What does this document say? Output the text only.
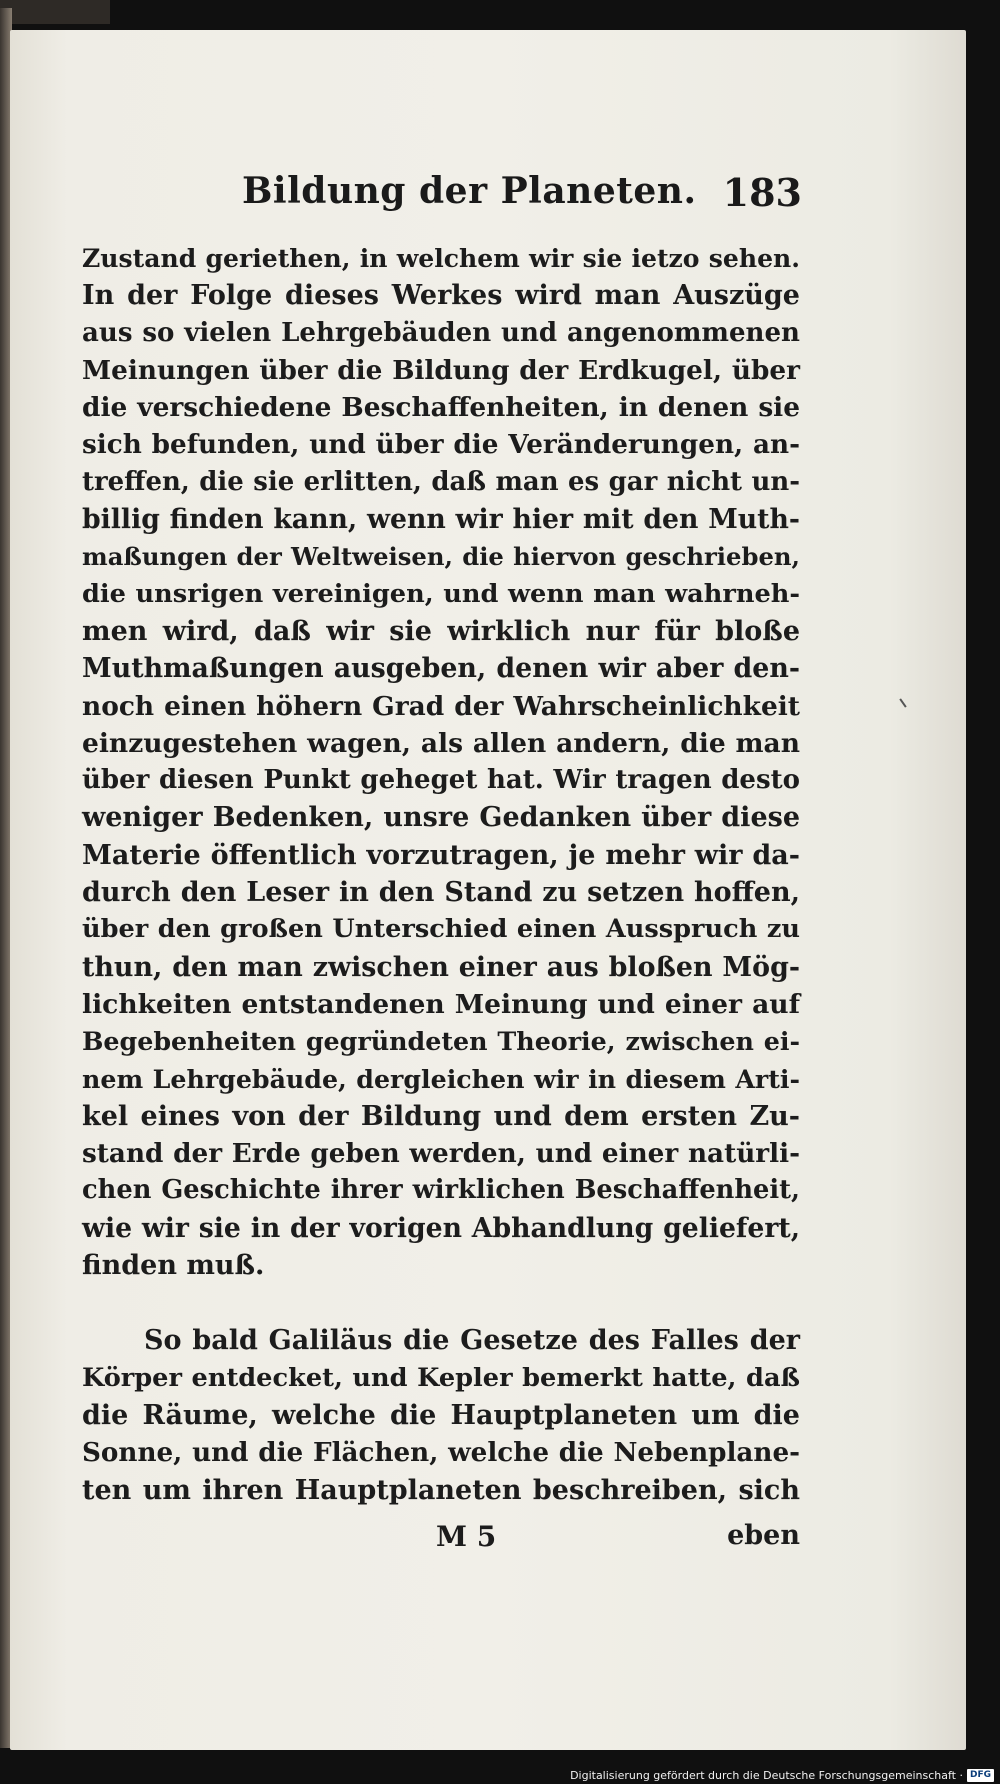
Bildung der Planeten. 183
Zustand geriethen, in welchem wir sie ietzo sehen.
In der Folge dieses Werkes wird man Auszüge
aus so vielen Lehrgebäuden und angenommenen
Meinungen über die Bildung der Erdkugel, über
die verschiedene Beschaffenheiten, in denen sie
sich befunden, und über die Veränderungen, an-
treffen, die sie erlitten, daß man es gar nicht un-
billig finden kann, wenn wir hier mit den Muth-
maßungen der Weltweisen, die hiervon geschrieben,
die unsrigen vereinigen, und wenn man wahrneh-
men wird, daß wir sie wirklich nur für bloße
Muthmaßungen ausgeben, denen wir aber den-
noch einen höhern Grad der Wahrscheinlichkeit
einzugestehen wagen, als allen andern, die man
über diesen Punkt geheget hat. Wir tragen desto
weniger Bedenken, unsre Gedanken über diese
Materie öffentlich vorzutragen, je mehr wir da-
durch den Leser in den Stand zu setzen hoffen,
über den großen Unterschied einen Ausspruch zu
thun, den man zwischen einer aus bloßen Mög-
lichkeiten entstandenen Meinung und einer auf
Begebenheiten gegründeten Theorie, zwischen ei-
nem Lehrgebäude, dergleichen wir in diesem Arti-
kel eines von der Bildung und dem ersten Zu-
stand der Erde geben werden, und einer natürli-
chen Geschichte ihrer wirklichen Beschaffenheit,
wie wir sie in der vorigen Abhandlung geliefert,
finden muß.
So bald Galiläus die Gesetze des Falles der
Körper entdecket, und Kepler bemerkt hatte, daß
die Räume, welche die Hauptplaneten um die
Sonne, und die Flächen, welche die Nebenplane-
ten um ihren Hauptplaneten beschreiben, sich
M 5	eben
Digitalisierung gefördert durch die Deutsche Forschungsgemeinschaft · DFG
